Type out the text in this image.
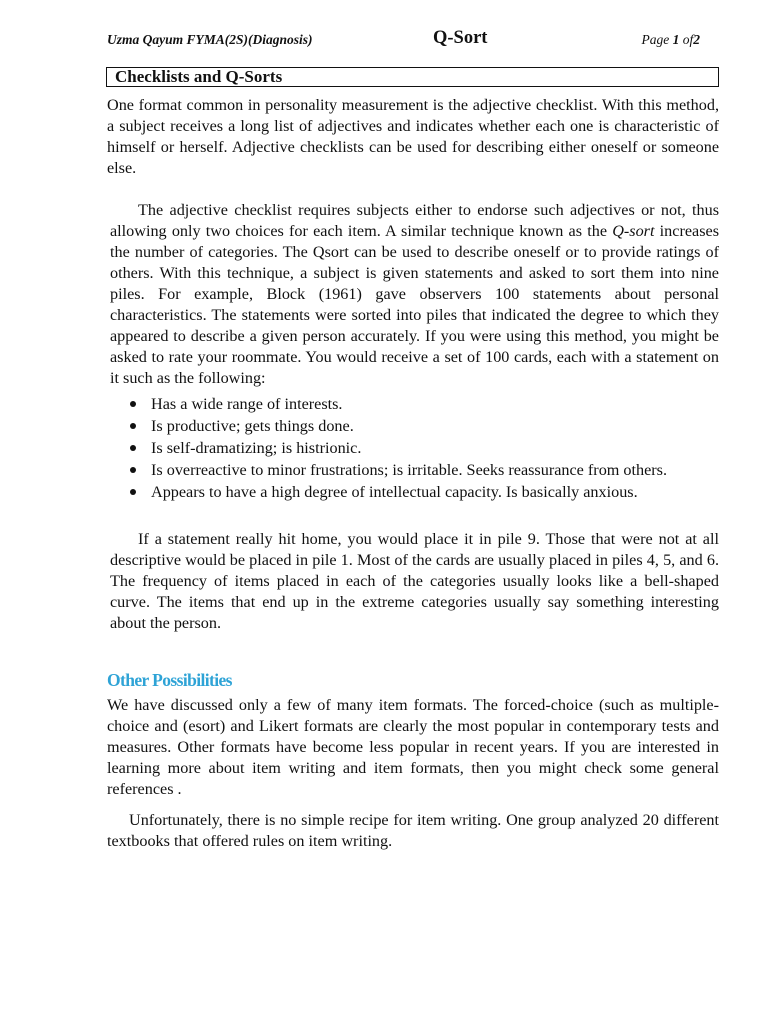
Uzma Qayum FYMA(2S)(Diagnosis)	Q-Sort	Page 1 of2
Checklists and Q-Sorts
One format common in personality measurement is the adjective checklist. With this method, a subject receives a long list of adjectives and indicates whether each one is characteristic of himself or herself. Adjective checklists can be used for describing either oneself or someone else.
The adjective checklist requires subjects either to endorse such adjectives or not, thus allowing only two choices for each item. A similar technique known as the Q-sort increases the number of categories. The Qsort can be used to describe oneself or to provide ratings of others. With this technique, a subject is given statements and asked to sort them into nine piles. For example, Block (1961) gave observers 100 statements about personal characteristics. The statements were sorted into piles that indicated the degree to which they appeared to describe a given person accurately. If you were using this method, you might be asked to rate your roommate. You would receive a set of 100 cards, each with a statement on it such as the following:
Has a wide range of interests.
Is productive; gets things done.
Is self-dramatizing; is histrionic.
Is overreactive to minor frustrations; is irritable. Seeks reassurance from others.
Appears to have a high degree of intellectual capacity. Is basically anxious.
If a statement really hit home, you would place it in pile 9. Those that were not at all descriptive would be placed in pile 1. Most of the cards are usually placed in piles 4, 5, and 6. The frequency of items placed in each of the categories usually looks like a bell-shaped curve. The items that end up in the extreme categories usually say something interesting about the person.
Other Possibilities
We have discussed only a few of many item formats. The forced-choice (such as multiple-choice and (esort) and Likert formats are clearly the most popular in contemporary tests and measures. Other formats have become less popular in recent years. If you are interested in learning more about item writing and item formats, then you might check some general references .
Unfortunately, there is no simple recipe for item writing. One group analyzed 20 different textbooks that offered rules on item writing.
